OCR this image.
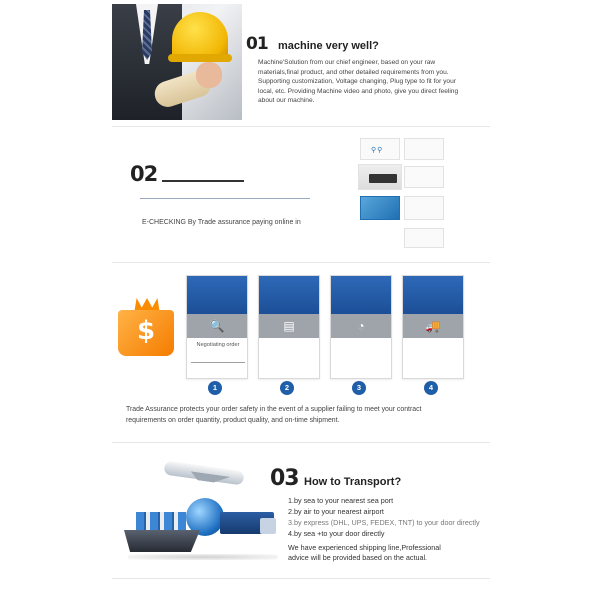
01 machine very well?
Machine'Solution from our chief engineer, based on your raw materials,final product, and other detailed requirements from you. Supporting customization, Voltage changing, Plug type to fit for your local, etc. Providing Machine video and photo, give you direct feeling about our machine.
02
E-CHECKING By Trade assurance paying online in
⚲⚲
$	🔍
Negotiating order
▤	◔	🚚
1	2	3	4
Trade Assurance protects your order safety in the event of a supplier failing to meet your contract requirements on order quantity, product quality, and on-time shipment.
03 How to Transport?
1.by sea to your nearest sea port
2.by air to your nearest airport
3.by express (DHL, UPS, FEDEX, TNT) to your door directly
4.by sea +to your door directly
We have experienced shipping line,Professional advice will be provided based on the actual.
